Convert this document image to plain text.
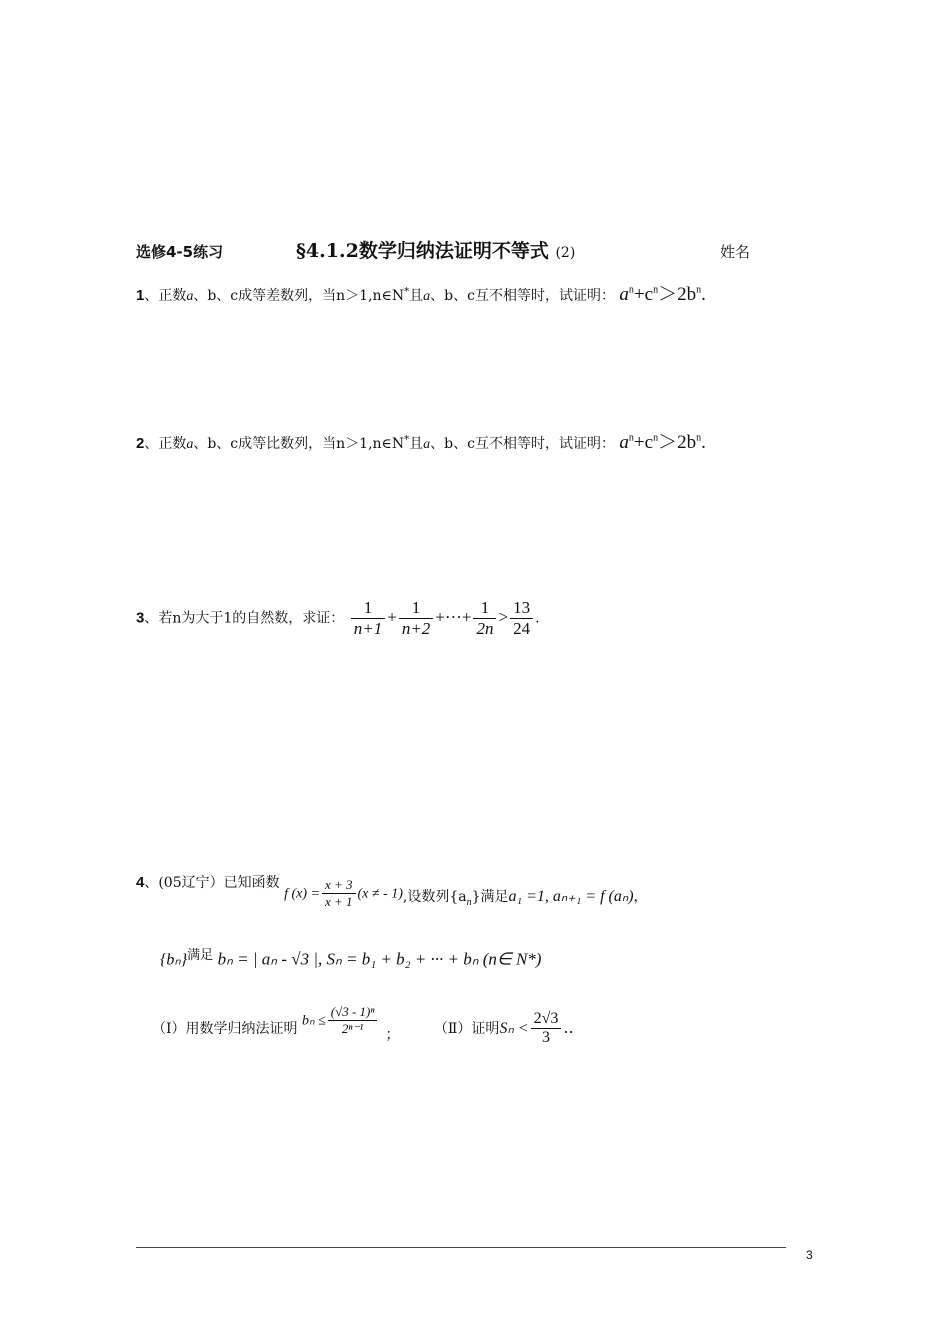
选修4-5练习	§4.1.2数学归纳法证明不等式 (2)	姓名
1、正数a、b、c成等差数列，当n＞1,n∈N*且a、b、c互不相等时，试证明： $a^n+c^n>2b^n$.
2、正数a、b、c成等比数列，当n＞1,n∈N*且a、b、c互不相等时，试证明： $a^n+c^n>2b^n$.
3、若n为大于1的自然数，求证： $\frac{1}{n+1} + \frac{1}{n+2}$ +···+ $\frac{1}{2n} > \frac{13}{24}$ .
4、(05辽宁）已知函数 f $(x) = \frac{x + 3}{x + 1} (x$ ≠ - 1),设数列$\{a_n\}$满足a₁ =1, aₙ₊₁ = f (aₙ)，
$\{b_n\}^{满足}$ bₙ = | aₙ - √3 |, Sₙ = b₁ + b₂ + ··· + bₙ (n∈ N*)
（Ⅰ）用数学归纳法证明 $b_n \le \frac{\text{(√3 - 1)ⁿ}}{\text{2ⁿ⁻¹}}$ ； （Ⅱ）证明$S_n < \frac{2√3}{3}$ ..
3
